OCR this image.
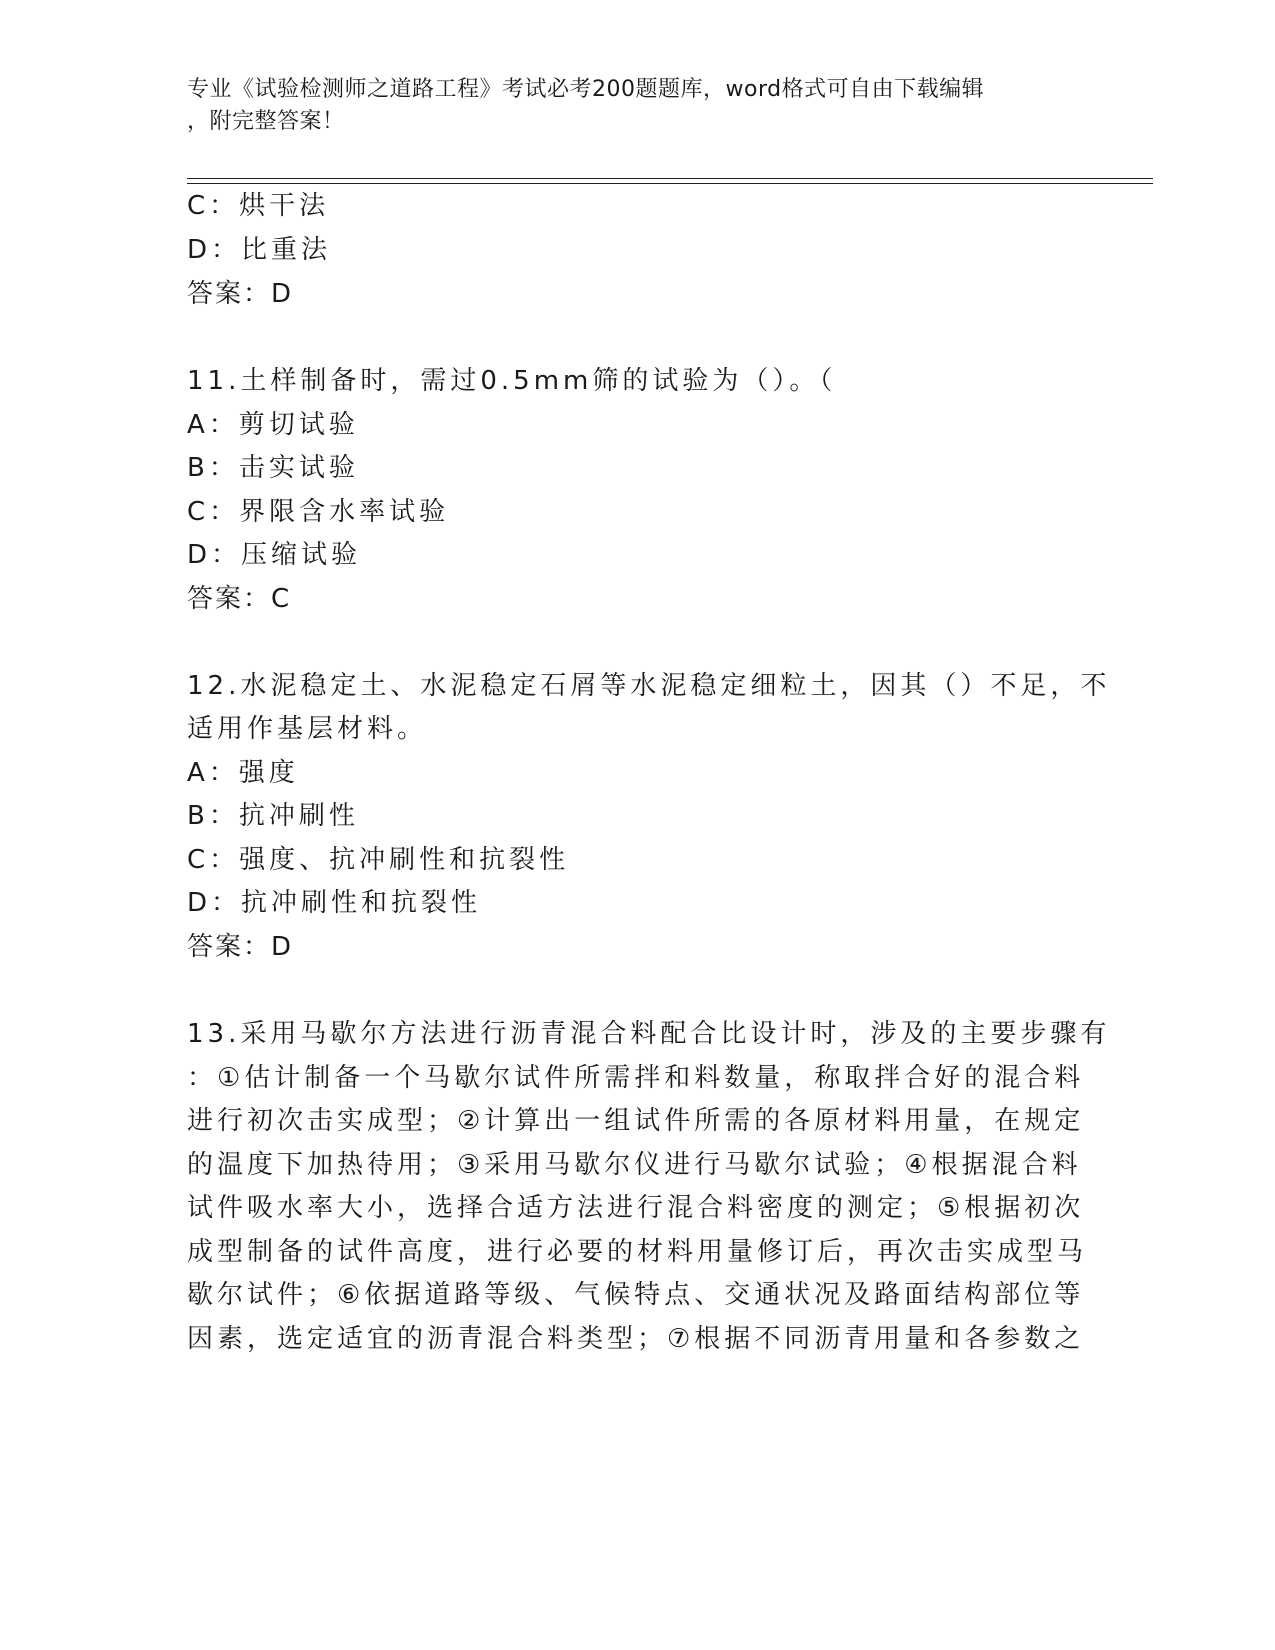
专业《试验检测师之道路工程》考试必考200题题库，word格式可自由下载编辑
，附完整答案！
C：烘干法
D：比重法
答案：D
11.土样制备时，需过0.5mm筛的试验为（）。（
A：剪切试验
B：击实试验
C：界限含水率试验
D：压缩试验
答案：C
12.水泥稳定土、水泥稳定石屑等水泥稳定细粒土，因其（）不足，不
适用作基层材料。
A：强度
B：抗冲刷性
C：强度、抗冲刷性和抗裂性
D：抗冲刷性和抗裂性
答案：D
13.采用马歇尔方法进行沥青混合料配合比设计时，涉及的主要步骤有
：①估计制备一个马歇尔试件所需拌和料数量，称取拌合好的混合料
进行初次击实成型；②计算出一组试件所需的各原材料用量，在规定
的温度下加热待用；③采用马歇尔仪进行马歇尔试验；④根据混合料
试件吸水率大小，选择合适方法进行混合料密度的测定；⑤根据初次
成型制备的试件高度，进行必要的材料用量修订后，再次击实成型马
歇尔试件；⑥依据道路等级、气候特点、交通状况及路面结构部位等
因素，选定适宜的沥青混合料类型；⑦根据不同沥青用量和各参数之
